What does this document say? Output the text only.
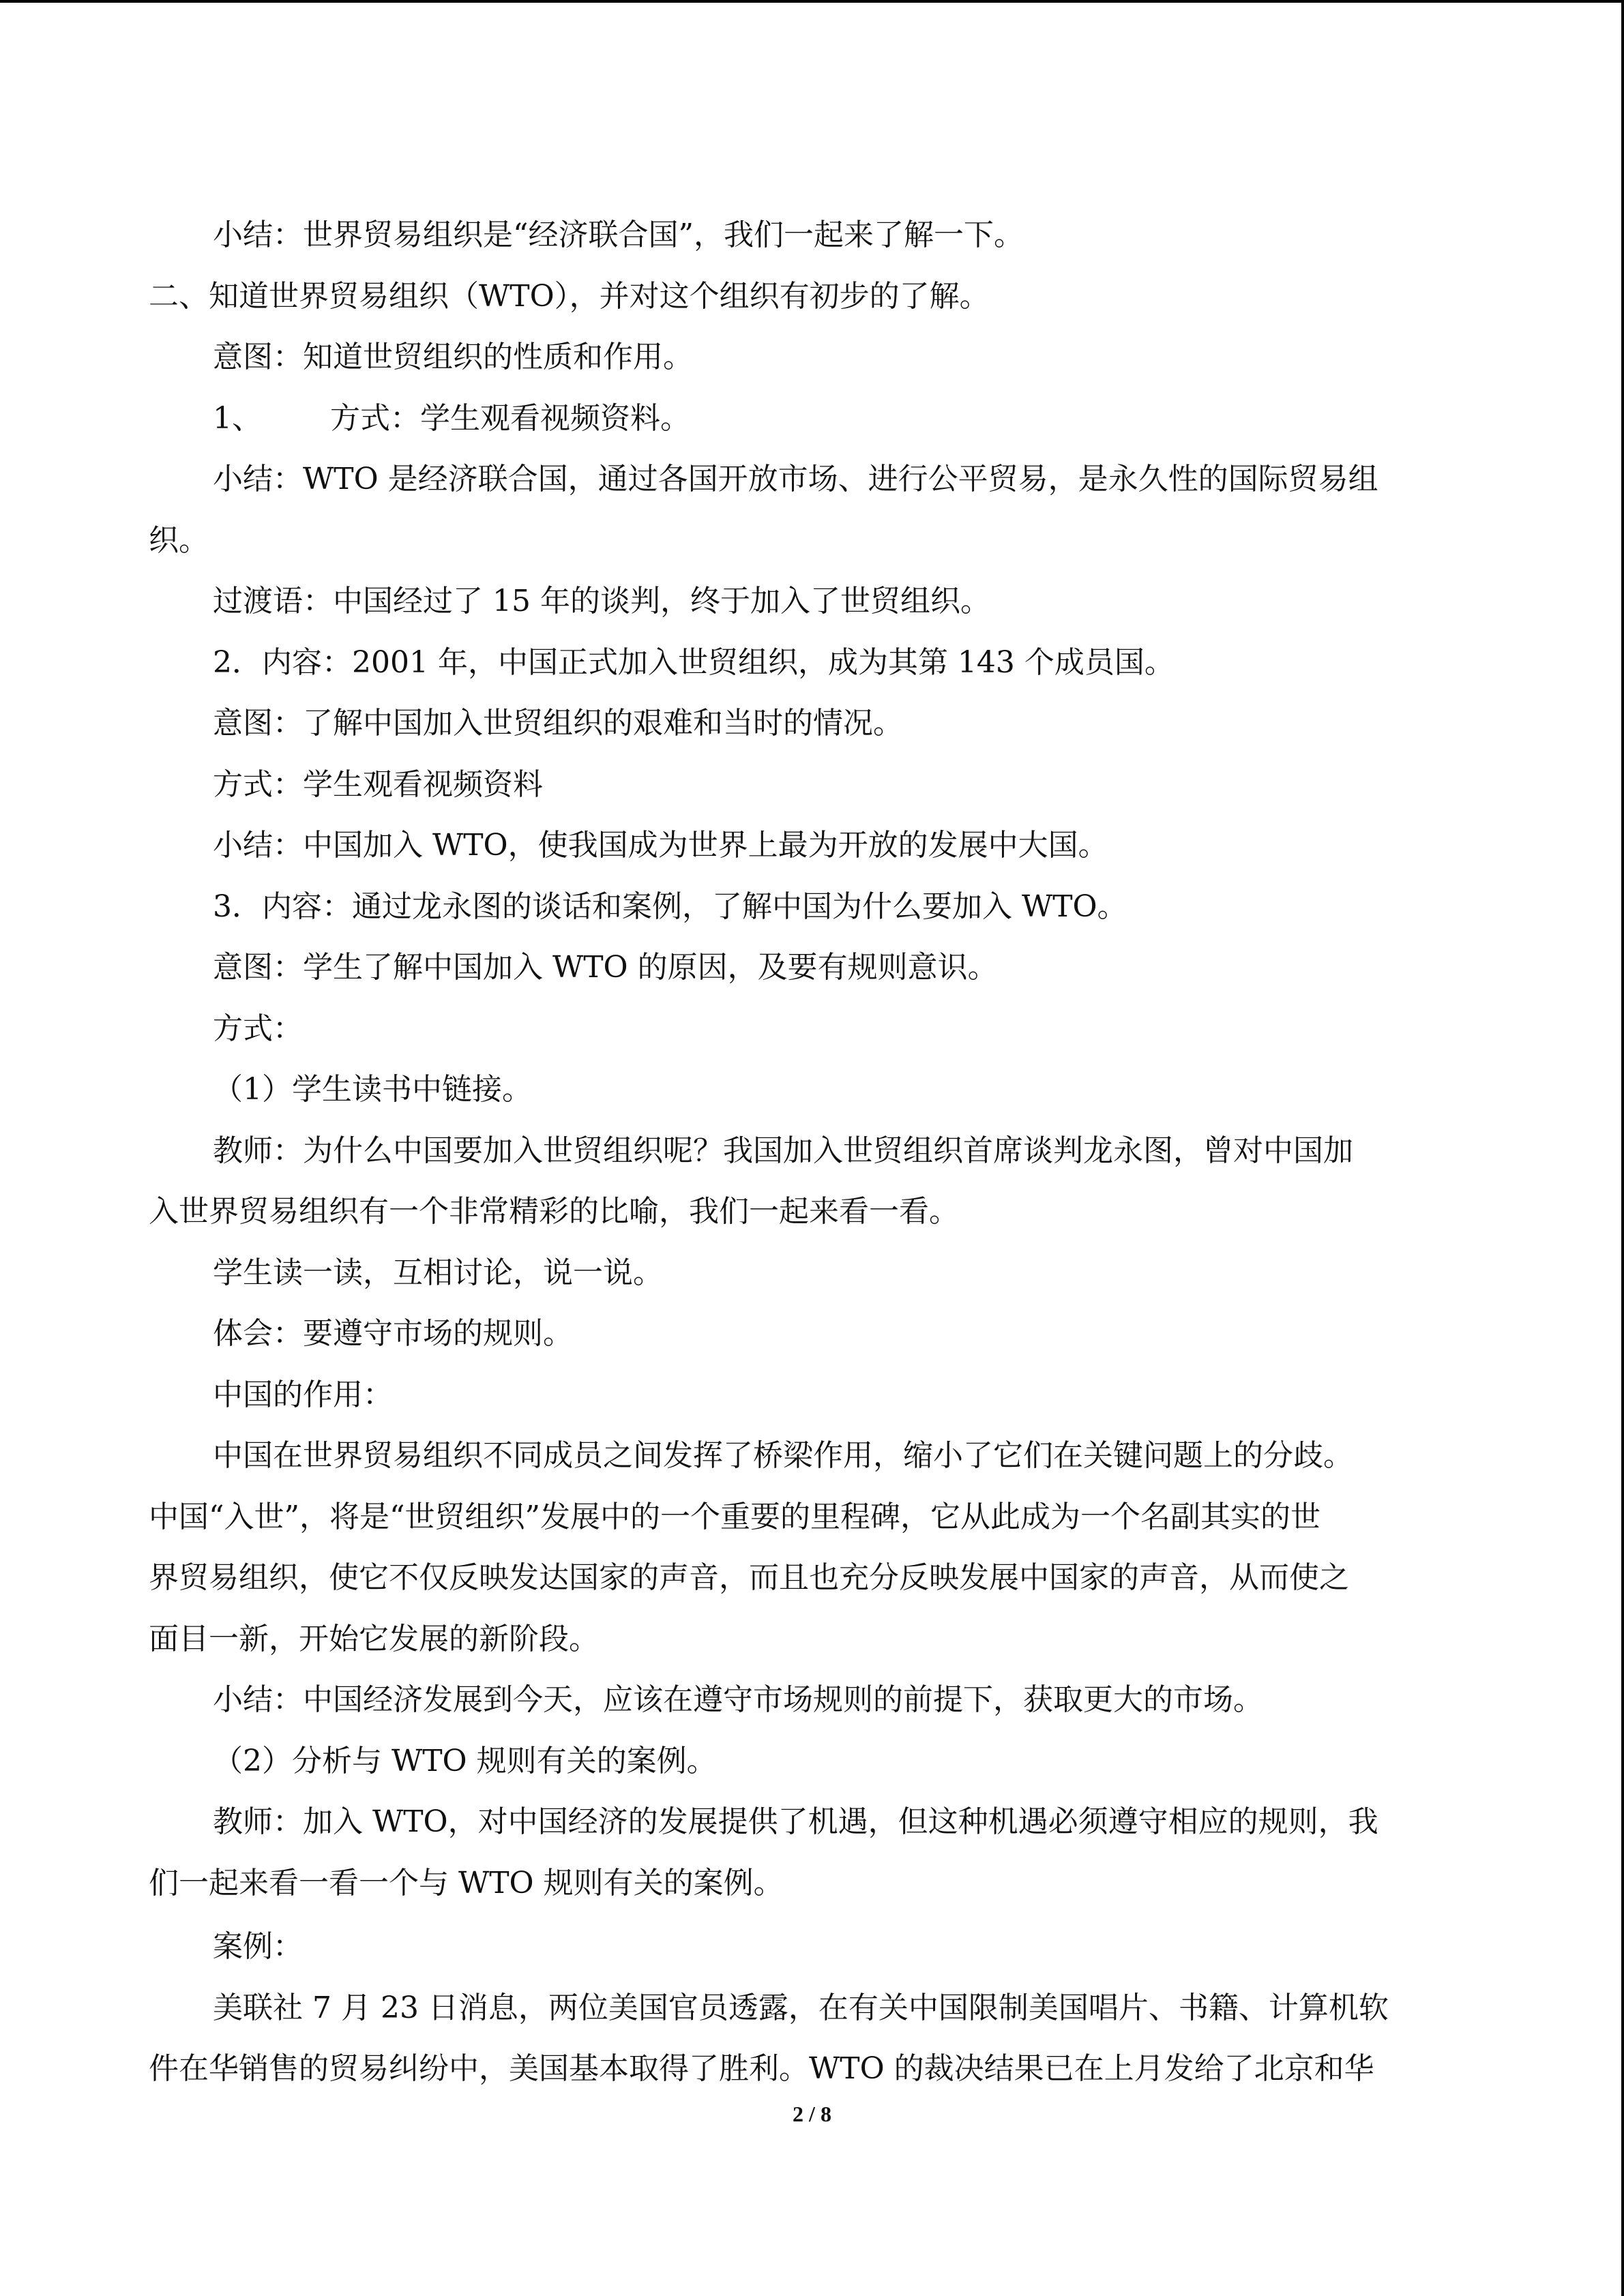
小结：世界贸易组织是“经济联合国”，我们一起来了解一下。
二、知道世界贸易组织（WTO），并对这个组织有初步的了解。
意图：知道世贸组织的性质和作用。
1、 方式：学生观看视频资料。
小结：WTO 是经济联合国，通过各国开放市场、进行公平贸易，是永久性的国际贸易组
织。
过渡语：中国经过了 15 年的谈判，终于加入了世贸组织。
2．内容：2001 年，中国正式加入世贸组织，成为其第 143 个成员国。
意图：了解中国加入世贸组织的艰难和当时的情况。
方式：学生观看视频资料
小结：中国加入 WTO，使我国成为世界上最为开放的发展中大国。
3．内容：通过龙永图的谈话和案例，了解中国为什么要加入 WTO。
意图：学生了解中国加入 WTO 的原因，及要有规则意识。
方式：
（1）学生读书中链接。
教师：为什么中国要加入世贸组织呢？我国加入世贸组织首席谈判龙永图，曾对中国加
入世界贸易组织有一个非常精彩的比喻，我们一起来看一看。
学生读一读，互相讨论，说一说。
体会：要遵守市场的规则。
中国的作用：
中国在世界贸易组织不同成员之间发挥了桥梁作用，缩小了它们在关键问题上的分歧。
中国“入世”，将是“世贸组织”发展中的一个重要的里程碑，它从此成为一个名副其实的世
界贸易组织，使它不仅反映发达国家的声音，而且也充分反映发展中国家的声音，从而使之
面目一新，开始它发展的新阶段。
小结：中国经济发展到今天，应该在遵守市场规则的前提下，获取更大的市场。
（2）分析与 WTO 规则有关的案例。
教师：加入 WTO，对中国经济的发展提供了机遇，但这种机遇必须遵守相应的规则，我
们一起来看一看一个与 WTO 规则有关的案例。
案例：
美联社 7 月 23 日消息，两位美国官员透露，在有关中国限制美国唱片、书籍、计算机软
件在华销售的贸易纠纷中，美国基本取得了胜利。WTO 的裁决结果已在上月发给了北京和华
2 / 8
